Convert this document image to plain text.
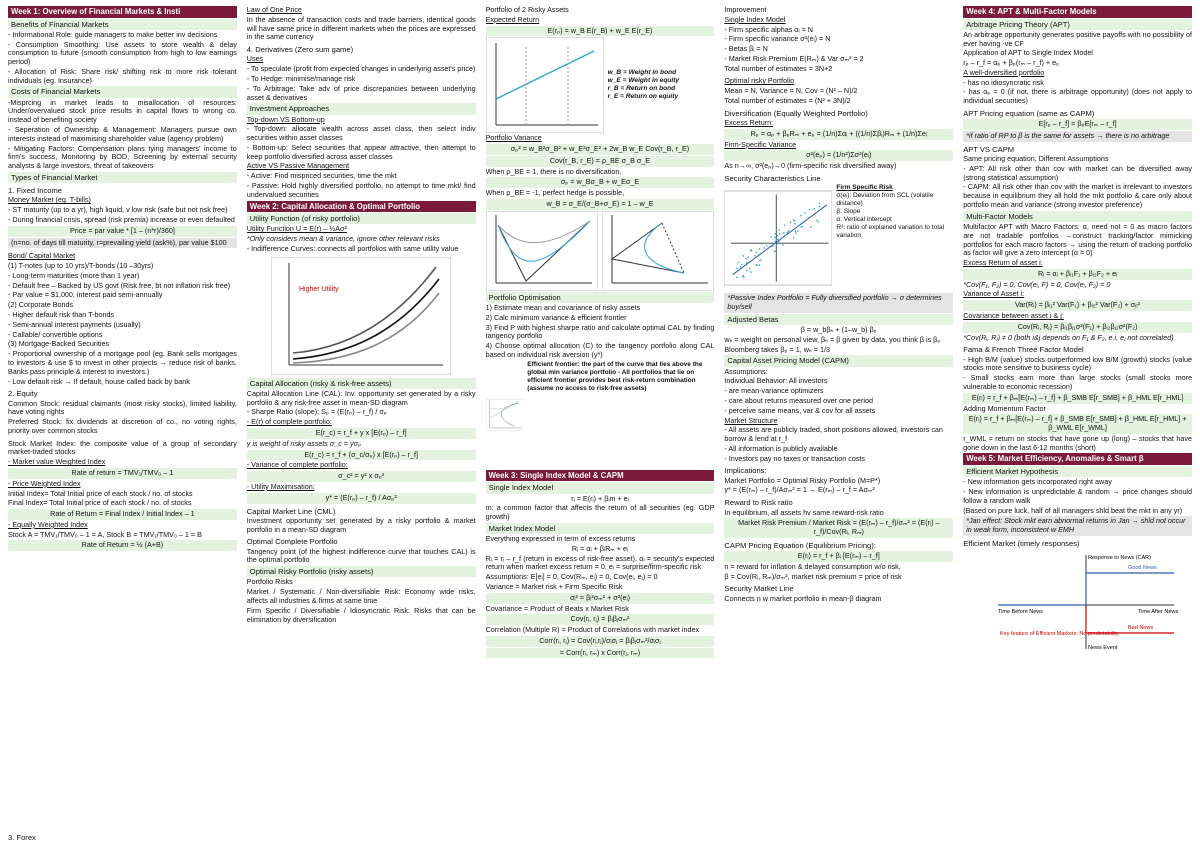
Week 1: Overview of Financial Markets & Insti
Benefits of Financial Markets

- Informational Role: guide managers to make better inv decisions

- Consumption Smoothing: Use assets to store wealth & delay consumption to future (smooth consumption from high to low earnings period)

- Allocation of Risk: Share risk/ shifting risk to more risk tolerant individuals (eg. Insurance)

Costs of Financial Markets

-Misprcing in market leads to misallocation of resources: Under/overvalued stock price results in capital flows to wrong co. instead of benefiting society

- Seperation of Ownership & Management: Managers pursue own interests instead of maximising shareholder value (agency problem)

- Mitigating Factors: Compensation plans tying managers' income to firm's success, Monitoring by BOD, Screening by external security analysts & large investors, threat of takeovers

Types of Financial Market
1. Fixed Income
Money Market (eg. T-bills)

- ST maturity (up to a yr), high liquid, v low risk (safe but not risk free)

- During financial crisis, spread (risk premia) increase or even defaulted

Price = par value * [1 – (n*r)/360]
(n=no. of days till maturity, r=prevailing yield (ask%), par value $100
Bond/ Capital Market

(1) T-notes (up to 10 yrs)/T-bonds (10 –30yrs)

- Long-term maturities (more than 1 year)

- Default free – Backed by US govt (Risk free, bt not inflation risk free)

- Par value = $1,000, interest paid semi-annually

(2) Corporate Bonds

- Higher default risk than T-bonds

- Semi-annual interest payments (usually)

- Callable/ convertible options

(3) Mortgage-Backed Securities

- Proportional ownership of a mortgage pool (eg. Bank sells mortgages to investors & use $ to invest in other projects → reduce risk of banks. Banks pass principle & interest to investors.)

- Low default risk → If default, house called back by bank

2. Equity

Common Stock: residual claimants (most risky stocks), limited liability, have voting rights

Preferred Stock: fix dividends at discretion of co., no voting rights, priority over common stocks

Stock Market Index: the composite value of a group of secondary market-traded stocks

- Market value Weighted Index
Rate of return = TMV₁/TMV₀ – 1
- Price Weighted Index
Initial Index= Total Initial price of each stock / no. of stocks
Final Index= Total Initial price of each stock / no. of stocks
Rate of Return = Final Index / Initial Index – 1
- Equally Weighted Index
Stock A = TMV₁/TMV₀ – 1 = A, Stock B = TMV₁/TMV₀ – 1 = B
Rate of Return = ½ (A+B)
3. Forex
Law of One Price

In the absence of transaction costs and trade barriers, identical goods will have same price in different markets when the prices are expressed in the same currency

4. Derivatives (Zero sum game)
Uses

- To speculate (profit from expected changes in underlying asset's price)

- To Hedge: minimise/manage risk

- To Arbitrage: Take adv of price discrepancies between underlying asset & derivatives

Investment Approaches
Top-down VS Bottom-up

- Top-down: allocate wealth across asset class, then select indiv securities within asset classes

- Bottom-up: Select securities that appear attractive, then attempt to keep portfolio diversified across asset classes

Active VS Passive Management

- Active: Find mispriced securities, time the mkt

- Passive: Hold highly diversified portfolio, no attempt to time mkt/ find undervalued securities

Week 2: Capital Allocation & Optimal Portfolio
Utility Function (of risky portfolio)
Utility Function U = E(r) – ½Aσ²
*Only considers mean & variance, ignore other relevant risks

- Indifference Curves: connects all portfolios with same utility value

Higher Utility
Capital Allocation (risky & risk-free assets)

Capital Allocation Line (CAL): Inv. opportunity set generated by a risky portfolio & any risk-free asset in mean-SD diagram

- Sharpe Ratio (slope): Sₚ = (E(rₚ) – r_f) / σₚ
- E(r) of complete portfolio:
E(r_c) = r_f + y x [E(rₚ) – r_f]
y is weight of risky assets σ_c = yσₚ
E(r_c) = r_f + (σ_c/σₚ) x [E(rₚ) – r_f]
- Variance of complete portfolio:
σ_c² = y² x σₚ²
- Utility Maximisation:
y* = (E(rₚ) – r_f) / Aσₚ²
Capital Market Line (CML)

Investment opportunity set generated by a risky portfolio & market portfolio in a mean-SD diagram

Optimal Complete Portfolio

Tangency point (of the highest indifference curve that touches CAL) is the optimal portfolio

Optimal Risky Portfolio (risky assets)
Portfolio Risks

Market / Systematic / Non-diversifiable Risk: Economy wide risks, affects all industries & firms at same time

Firm Specific / Diversifiable / Idiosyncratic Risk: Risks that can be elimination by diversification

Portfolio of 2 Risky Assets
Expected Return
E(rₚ) = w_B E(r_B) + w_E E(r_E)
w_B = Weight in bond
w_E = Weight in equity
r_B = Return on bond
r_E = Return on equity
Portfolio Variance
σₚ² = w_B²σ_B² + w_E²σ_E² + 2w_B w_E Cov(r_B, r_E)
Cov(r_B, r_E) = ρ_BE σ_B σ_E
When ρ_BE = 1, there is no diversification,
σₚ = w_Bσ_B + w_Eσ_E
When ρ_BE = -1, perfect hedge is possible,
w_B = σ_E/(σ_B+σ_E) = 1 – w_E
Portfolio Optimisation

1) Estimate mean and covariance of risky assets

2) Calc minimum variance & efficient frontier

3) Find P with highest sharpe ratio and calculate optimal CAL by finding tangency portfolio

4) Choose optimal allocation (C) to the tangency portfolio along CAL based on individual risk aversion (y*)

Efficient frontier: the part of the curve that lies above the global min variance portfolio - All portfolios that lie on efficient frontier provides best risk-return combination (assume no access to risk-free assets)
Week 3: Single Index Model & CAPM
Single Index Model
rᵢ = E(rᵢ) + βᵢm + eᵢ

m: a common factor that affects the return of all securities (eg. GDP growth)

Market Index Model
Everything expressed in term of excess returns
Rᵢ = αᵢ + βᵢRₘ + eᵢ

Rᵢ = rᵢ – r_f (return in excess of risk-free asset), αᵢ = security's expected return when market excess return = 0, eᵢ = surprise/firm-specific risk

Assumptions: E[eᵢ] = 0, Cov(Rₘ, eᵢ) = 0, Cov(eᵢ, eⱼ) = 0
Variance = Market risk + Firm Specific Risk
σᵢ² = βᵢ²σₘ² + σ²(eᵢ)
Covariance = Product of Beats x Market Risk
Cov(rᵢ, rⱼ) = βᵢβⱼσₘ²

Correlation (Multiple R) = Product of Correlations with market index

Corr(rᵢ, rⱼ) = Cov(rᵢ,rⱼ)/σᵢσⱼ = βᵢβⱼσₘ²/σᵢσⱼ
= Corr(rᵢ, rₘ) x Corr(rⱼ, rₘ)
Improvement
Single Index Model
- Firm specific alphas αᵢ = N
- Firm specific variance σ²(eᵢ) = N
- Betas βᵢ = N
- Market Risk Premium E(Rₘ) & Var σₘ² = 2
Total number of estimates = 3N+2
Optimal risky Portfolio
Mean = N, Variance = N, Cov = (N² – N)/2
Total number of estimates = (N² + 3N)/2
Diversification (Equally Weighted Portfolio)
Excess Return:
Rₚ = αₚ + βₚRₘ + eₚ = (1/n)Σαᵢ + ((1/n)Σβᵢ)Rₘ + (1/n)Σeᵢ
Firm-Specific Variance
σ²(eₚ) = (1/n²)Σσ²(eᵢ)
As n→∞, σ²(eₚ)→0 (firm-specific risk diversified away)
Security Characteristics Line
Firm Specific Risk
σ(eᵢ): Deviation from SCL (volatile distance)
β: Slope
α: Vertical intercept
R²: ratio of explained variation to total variation
*Passive Index Portfolio = Fully diversified portfolio → σ determines buy/sell
Adjusted Betas
β = w_bβₕ + (1–w_b) βₚ

wₕ = weight on personal view, βₕ = β given by data, you think β is βₚ

Bloomberg takes βₚ = 1, wₕ = 1/3
Capital Asset Pricing Model (CAPM)
Assumptions:
Individual Behavior: All investors
- are mean-variance optimizers
- care about returns measured over one period
- perceive same means, var & cov for all assets
Market Structure
- All assets are publicly traded, short positions allowed, investors can borrow & lend at r_f
- All information is publicly available
- Investors pay no taxes or transaction costs
Implications:
Market Portfolio = Optimal Risky Portfolio (M=P*)
y* = (E(rₘ) – r_f)/Aσₘ² = 1 → E(rₘ) – r_f = Aσₘ²
Reward to Risk ratio
In equilibrium, all assets hv same reward-risk ratio
Market Risk Premium / Market Risk = (E(rₘ) – r_f)/σₘ² = (E(rᵢ) – r_f)/Cov(Rᵢ, Rₘ)
CAPM Pricing Equation (Equilibrium Pricing):
E(rᵢ) = r_f + βᵢ [E(rₘ) – r_f]
n = reward for inflation & delayed consumption w/o risk,
β = Cov(Rᵢ, Rₘ)/σₘ², market risk premium = price of risk
Security Market Line
Connects n w market portfolio in mean-β diagram
Week 4: APT & Multi-Factor Models
Arbitrage Pricing Theory (APT)

An arbitrage opportunity generates positive payoffs with no possibility of ever having -ve CF

Application of APT to Single Index Model
rₚ – r_f = αₚ + βₚ(rₘ – r_f) + eₚ
A well-diversified portfolio
- has no idiosyncratic risk

- has αₚ = 0 (if not, there is arbitrage opportunity) (does not apply to individual securities)

APT Pricing equation (same as CAPM)
E[rₚ – r_f] = βₚE[rₘ – r_f]
*if ratio of RP to β is the same for assets → there is no arbitrage
APT VS CAPM
Same pricing equation, Different Assumptions

- APT: All risk other than cov with market can be diversified away (strong statistical assumption)

- CAPM: All risk other than cov with the market is irrelevant to investors because in equilibrium they all hold the mkt portfolio & care only about portfolio mean and variance (strong investor preference)

Multi-Factor Models

Multifactor APT with Macro Factors: α, need not = 0 as macro factors are not tradable portfolios →construct tracking/factor mimicking portfolios for each macro factors → using the return of tracking portfolio as factor will give a zero intercept (α = 0)

Excess Return of asset i:
Rᵢ = αᵢ + βᵢ₁F₁ + βᵢ₂F₂ + eᵢ
*Cov(F₁, F₂) = 0, Cov(eᵢ, F) = 0, Cov(eᵢ, F₂) = 0
Variance of Asset i:
Var(Rᵢ) = βᵢ₁² Var(F₁) + βᵢ₂² Var(F₂) + σₑ²
Covariance between asset i & j:
Cov(Rᵢ, Rⱼ) = βᵢ₁βⱼ₁σ²(F₁) + βᵢ₂βⱼ₂σ²(F₂)
*Cov(Rᵢ, Rⱼ) ≠ 0 (both i&j depends on F₁ & F₂, e.i, eⱼ not correlated)
Fama & French Three Factor Model

- High B/M (value) stocks outperformed low B/M (growth) stocks (value stocks more sensitive to business cycle)

- Small stocks earn more than large stocks (small stocks more vulnerable to economic recession)

E(rᵢ) = r_f + βₘ[E(rₘ) – r_f] + β_SMB E[r_SMB] + β_HML E[r_HML]
Adding Momentum Factor
E(rᵢ) = r_f + βₘ[E(rₘ) – r_f] + β_SMB E[r_SMB] + β_HML E[r_HML] + β_WML E[r_WML]

r_WML = return on stocks that have gone up (long) – stocks that have gone down in the last 6-12 months (short)

Week 5: Market Efficiency, Anomalies & Smart β
Efficient Market Hypothesis
- New information gets incorporated right away

- New information is unpredictable & random → price changes should follow a random walk

(Based on pure luck, half of all managers shld beat the mkt in any yr)

*Jan effect: Stock mkt earn abnormal returns in Jan → shld not occur in weak form, inconsistent w EMH
Efficient Market (timely responses)
Response to News (CAR)
Good News
Bad News
Time Before News	Time After News
News Event
Key feature of Efficient Markets: No predictability
